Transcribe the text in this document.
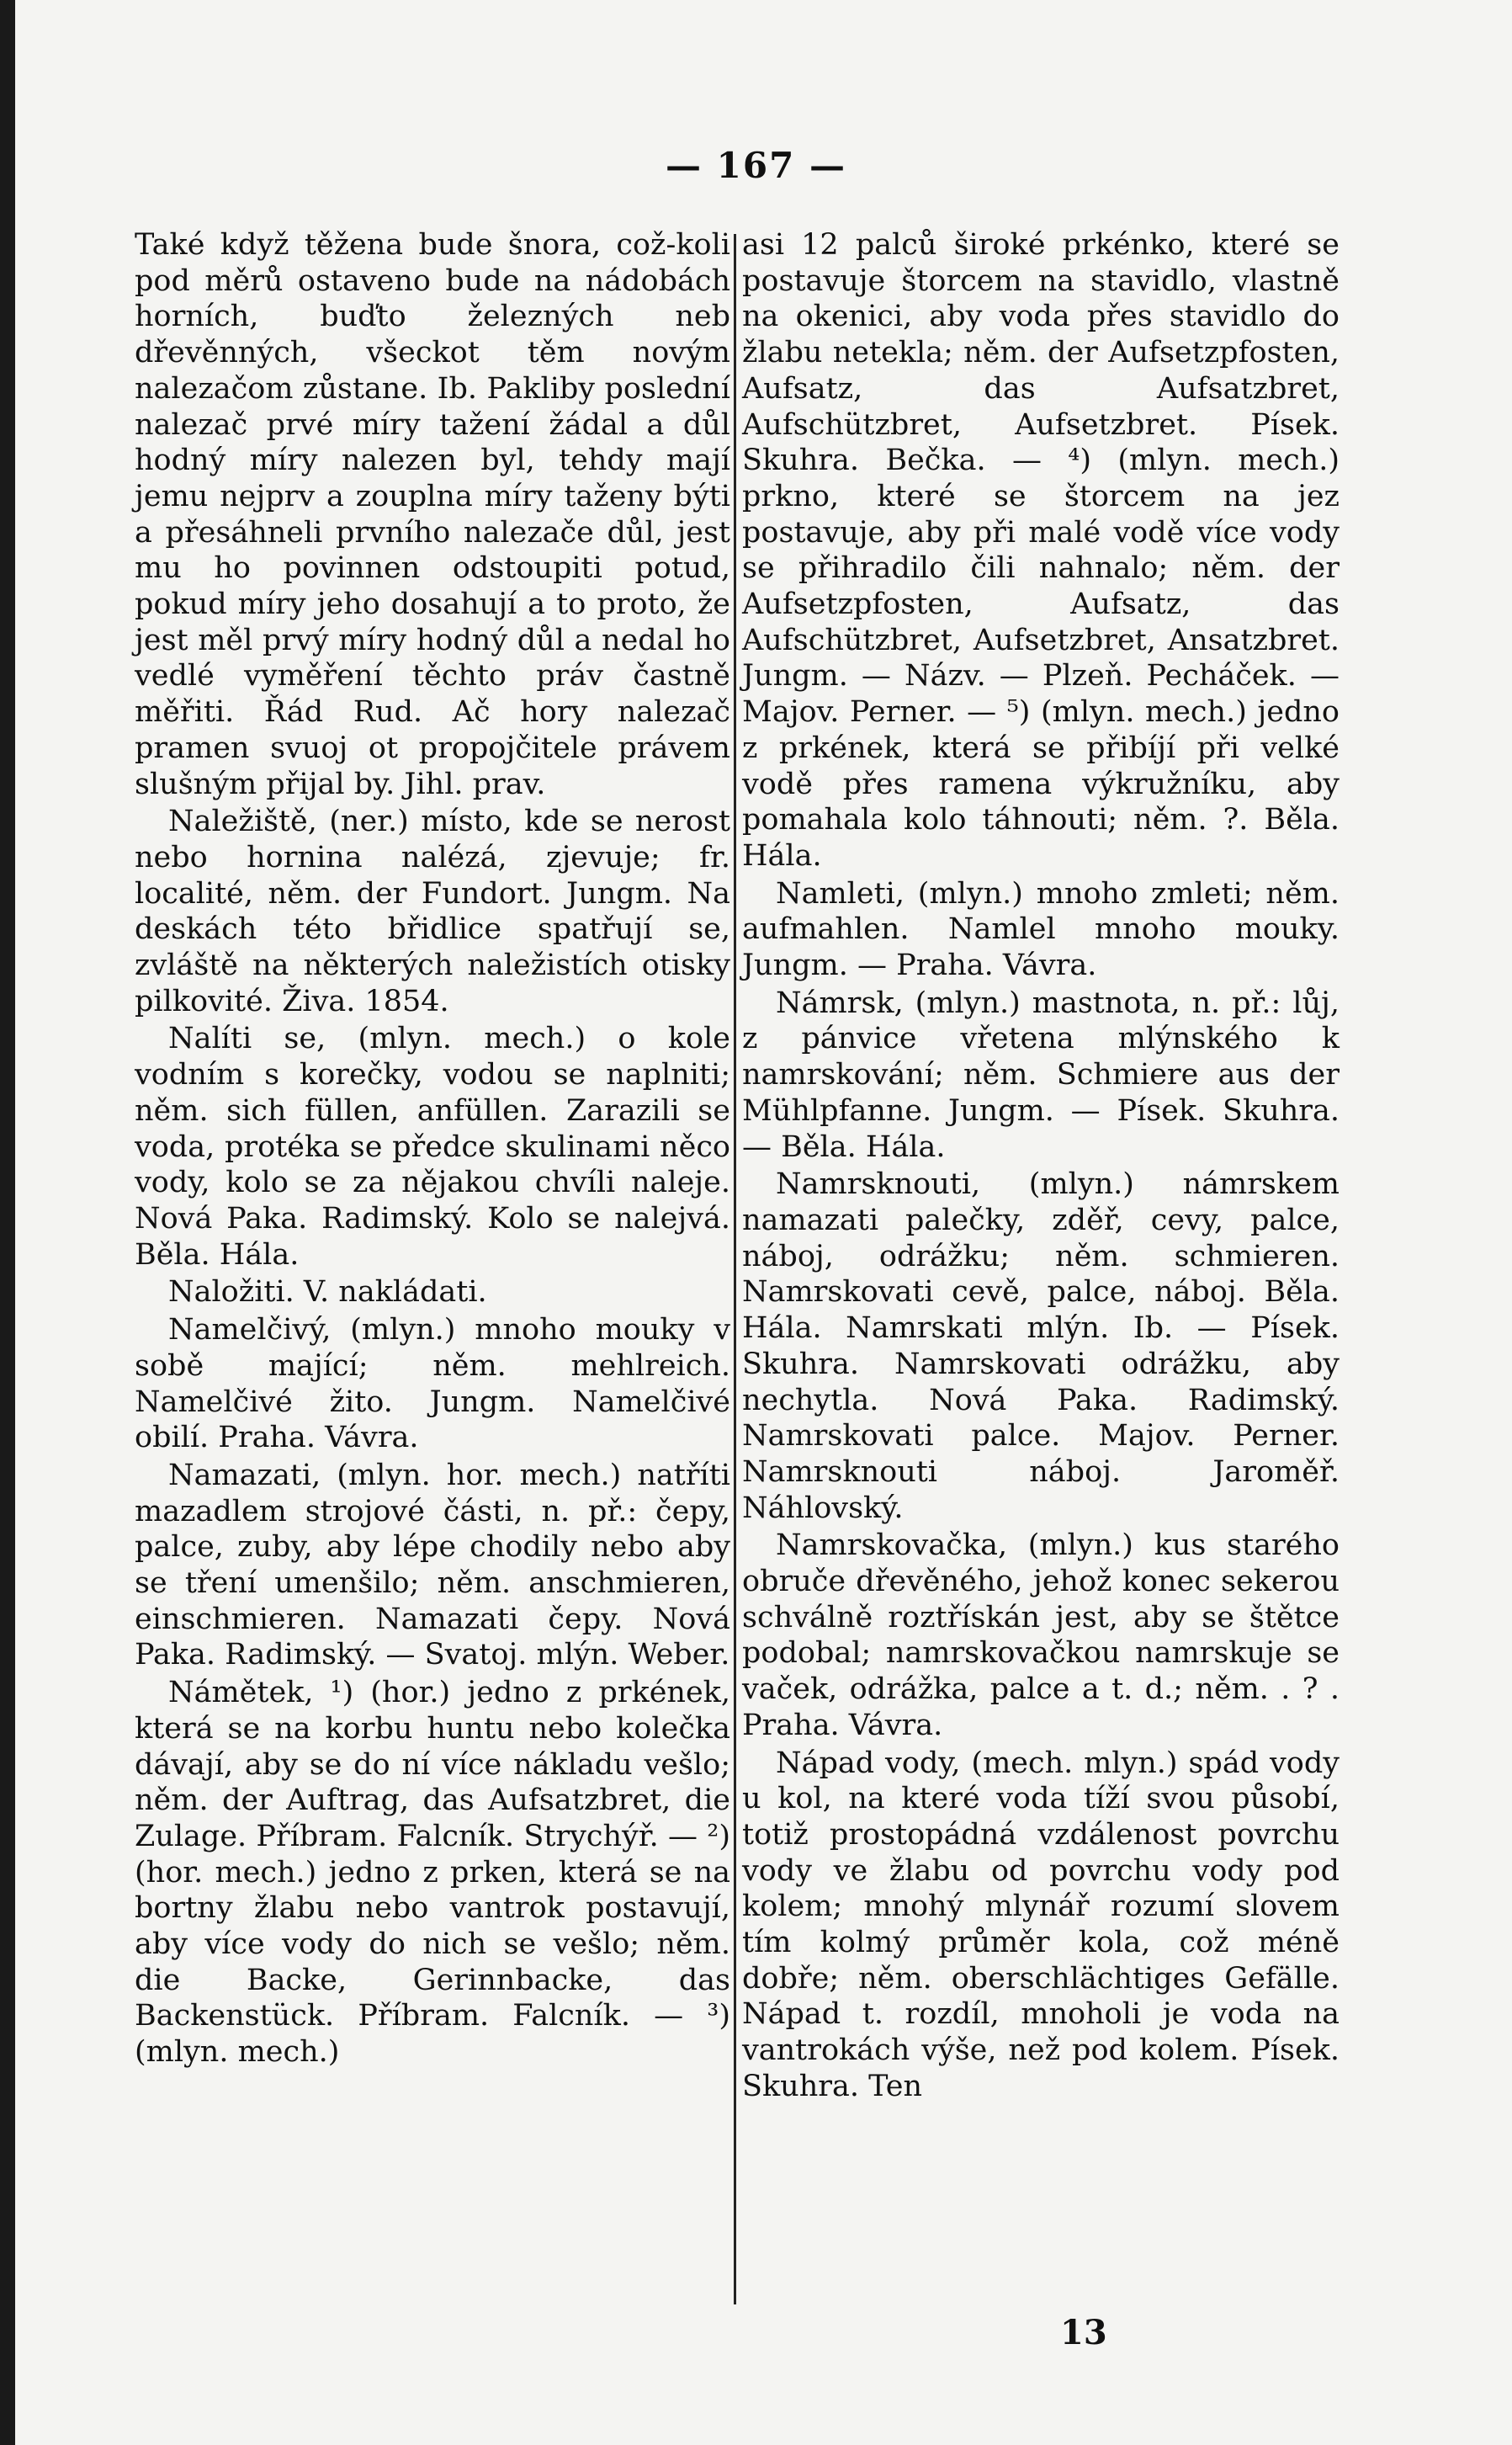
— 167 —

Také když těžena bude šnora, což-koli pod měrů ostaveno bude na nádobách horních, buďto železných neb dřevěnných, všeckot těm novým nalezačom zůstane. Ib. Pakliby poslední nalezač prvé míry tažení žádal a důl hodný míry nalezen byl, tehdy mají jemu nejprv a zouplna míry taženy býti a přesáhneli prvního nalezače důl, jest mu ho povinnen odstoupiti potud, pokud míry jeho dosahují a to proto, že jest měl prvý míry hodný důl a nedal ho vedlé vyměření těchto práv častně měřiti. Řád Rud. Ač hory nalezač pramen svuoj ot propojčitele právem slušným přijal by. Jihl. prav.

Naležiště, (ner.) místo, kde se nerost nebo hornina nalézá, zjevuje; fr. localité, něm. der Fundort. Jungm. Na deskách této břidlice spatřují se, zvláště na některých naležistích otisky pilkovité. Živa. 1854.

Nalíti se, (mlyn. mech.) o kole vodním s korečky, vodou se naplniti; něm. sich füllen, anfüllen. Zarazili se voda, protéka se předce skulinami něco vody, kolo se za nějakou chvíli naleje. Nová Paka. Radimský. Kolo se nalejvá. Běla. Hála.

Naložiti. V. nakládati.

Namelčivý, (mlyn.) mnoho mouky v sobě mající; něm. mehlreich. Namelčivé žito. Jungm. Namelčivé obilí. Praha. Vávra.

Namazati, (mlyn. hor. mech.) natříti mazadlem strojové části, n. př.: čepy, palce, zuby, aby lépe chodily nebo aby se tření umenšilo; něm. anschmieren, einschmieren. Namazati čepy. Nová Paka. Radimský. — Svatoj. mlýn. Weber.

Námětek, ¹) (hor.) jedno z prkének, která se na korbu huntu nebo kolečka dávají, aby se do ní více nákladu vešlo; něm. der Auftrag, das Aufsatzbret, die Zulage. Příbram. Falcník. Strychýř. — ²) (hor. mech.) jedno z prken, která se na bortny žlabu nebo vantrok postavují, aby více vody do nich se vešlo; něm. die Backe, Gerinnbacke, das Backenstück. Příbram. Falcník. — ³) (mlyn. mech.)

asi 12 palců široké prkénko, které se postavuje štorcem na stavidlo, vlastně na okenici, aby voda přes stavidlo do žlabu netekla; něm. der Aufsetzpfosten, Aufsatz, das Aufsatzbret, Aufschützbret, Aufsetzbret. Písek. Skuhra. Bečka. — ⁴) (mlyn. mech.) prkno, které se štorcem na jez postavuje, aby při malé vodě více vody se přihradilo čili nahnalo; něm. der Aufsetzpfosten, Aufsatz, das Aufschützbret, Aufsetzbret, Ansatzbret. Jungm. — Názv. — Plzeň. Pecháček. — Majov. Perner. — ⁵) (mlyn. mech.) jedno z prkének, která se přibíjí při velké vodě přes ramena výkružníku, aby pomahala kolo táhnouti; něm. ?. Běla. Hála.

Namleti, (mlyn.) mnoho zmleti; něm. aufmahlen. Namlel mnoho mouky. Jungm. — Praha. Vávra.

Námrsk, (mlyn.) mastnota, n. př.: lůj, z pánvice vřetena mlýnského k namrskování; něm. Schmiere aus der Mühlpfanne. Jungm. — Písek. Skuhra. — Běla. Hála.

Namrsknouti, (mlyn.) námrskem namazati palečky, zděř, cevy, palce, náboj, odrážku; něm. schmieren. Namrskovati cevě, palce, náboj. Běla. Hála. Namrskati mlýn. Ib. — Písek. Skuhra. Namrskovati odrážku, aby nechytla. Nová Paka. Radimský. Namrskovati palce. Majov. Perner. Namrsknouti náboj. Jaroměř. Náhlovský.

Namrskovačka, (mlyn.) kus starého obruče dřevěného, jehož konec sekerou schválně roztřískán jest, aby se štětce podobal; namrskovačkou namrskuje se vaček, odrážka, palce a t. d.; něm. . ? . Praha. Vávra.

Nápad vody, (mech. mlyn.) spád vody u kol, na které voda tíží svou působí, totiž prostopádná vzdálenost povrchu vody ve žlabu od povrchu vody pod kolem; mnohý mlynář rozumí slovem tím kolmý průměr kola, což méně dobře; něm. oberschlächtiges Gefälle. Nápad t. rozdíl, mnoholi je voda na vantrokách výše, než pod kolem. Písek. Skuhra. Ten

13
